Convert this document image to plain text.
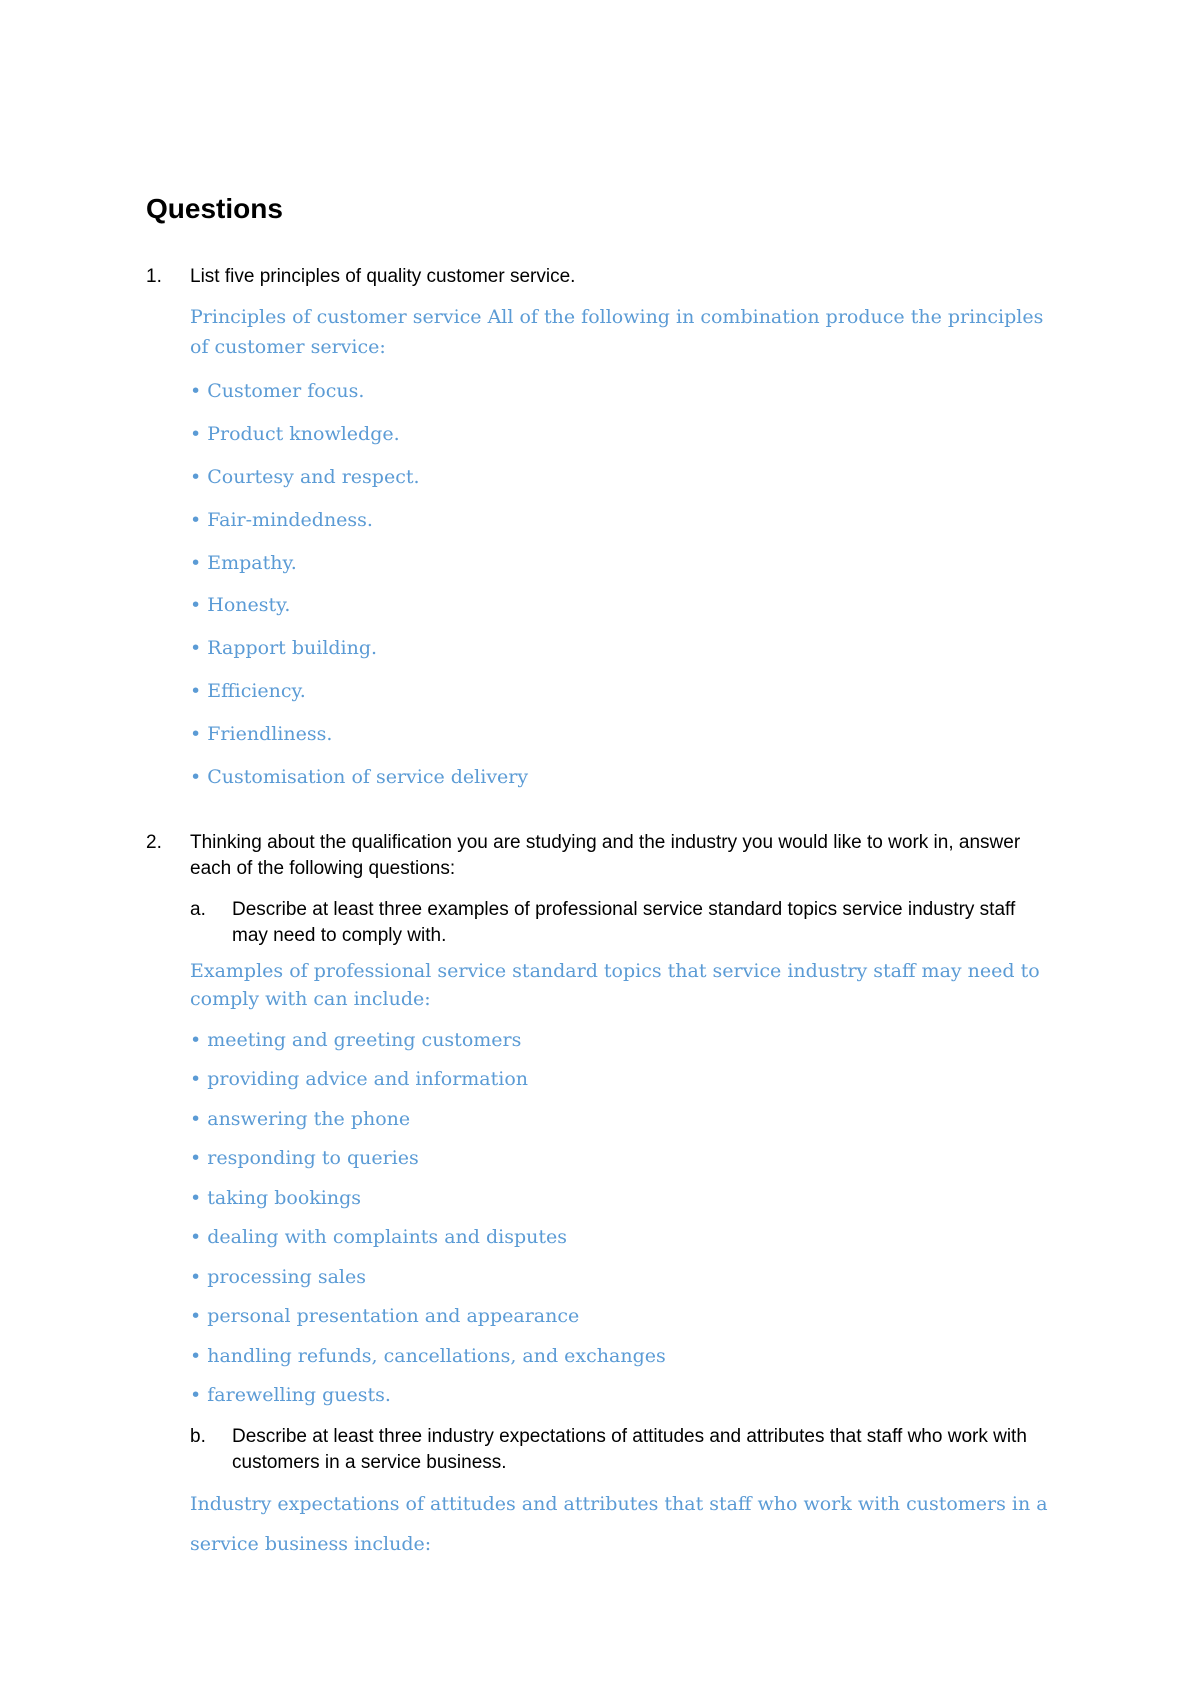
Questions
1. List five principles of quality customer service.
Principles of customer service All of the following in combination produce the principles of customer service:
• Customer focus.
• Product knowledge.
• Courtesy and respect.
• Fair-mindedness.
• Empathy.
• Honesty.
• Rapport building.
• Efficiency.
• Friendliness.
• Customisation of service delivery
2. Thinking about the qualification you are studying and the industry you would like to work in, answer each of the following questions:
a. Describe at least three examples of professional service standard topics service industry staff may need to comply with.
Examples of professional service standard topics that service industry staff may need to comply with can include:
• meeting and greeting customers
• providing advice and information
• answering the phone
• responding to queries
• taking bookings
• dealing with complaints and disputes
• processing sales
• personal presentation and appearance
• handling refunds, cancellations, and exchanges
• farewelling guests.
b. Describe at least three industry expectations of attitudes and attributes that staff who work with customers in a service business.
Industry expectations of attitudes and attributes that staff who work with customers in a service business include:
